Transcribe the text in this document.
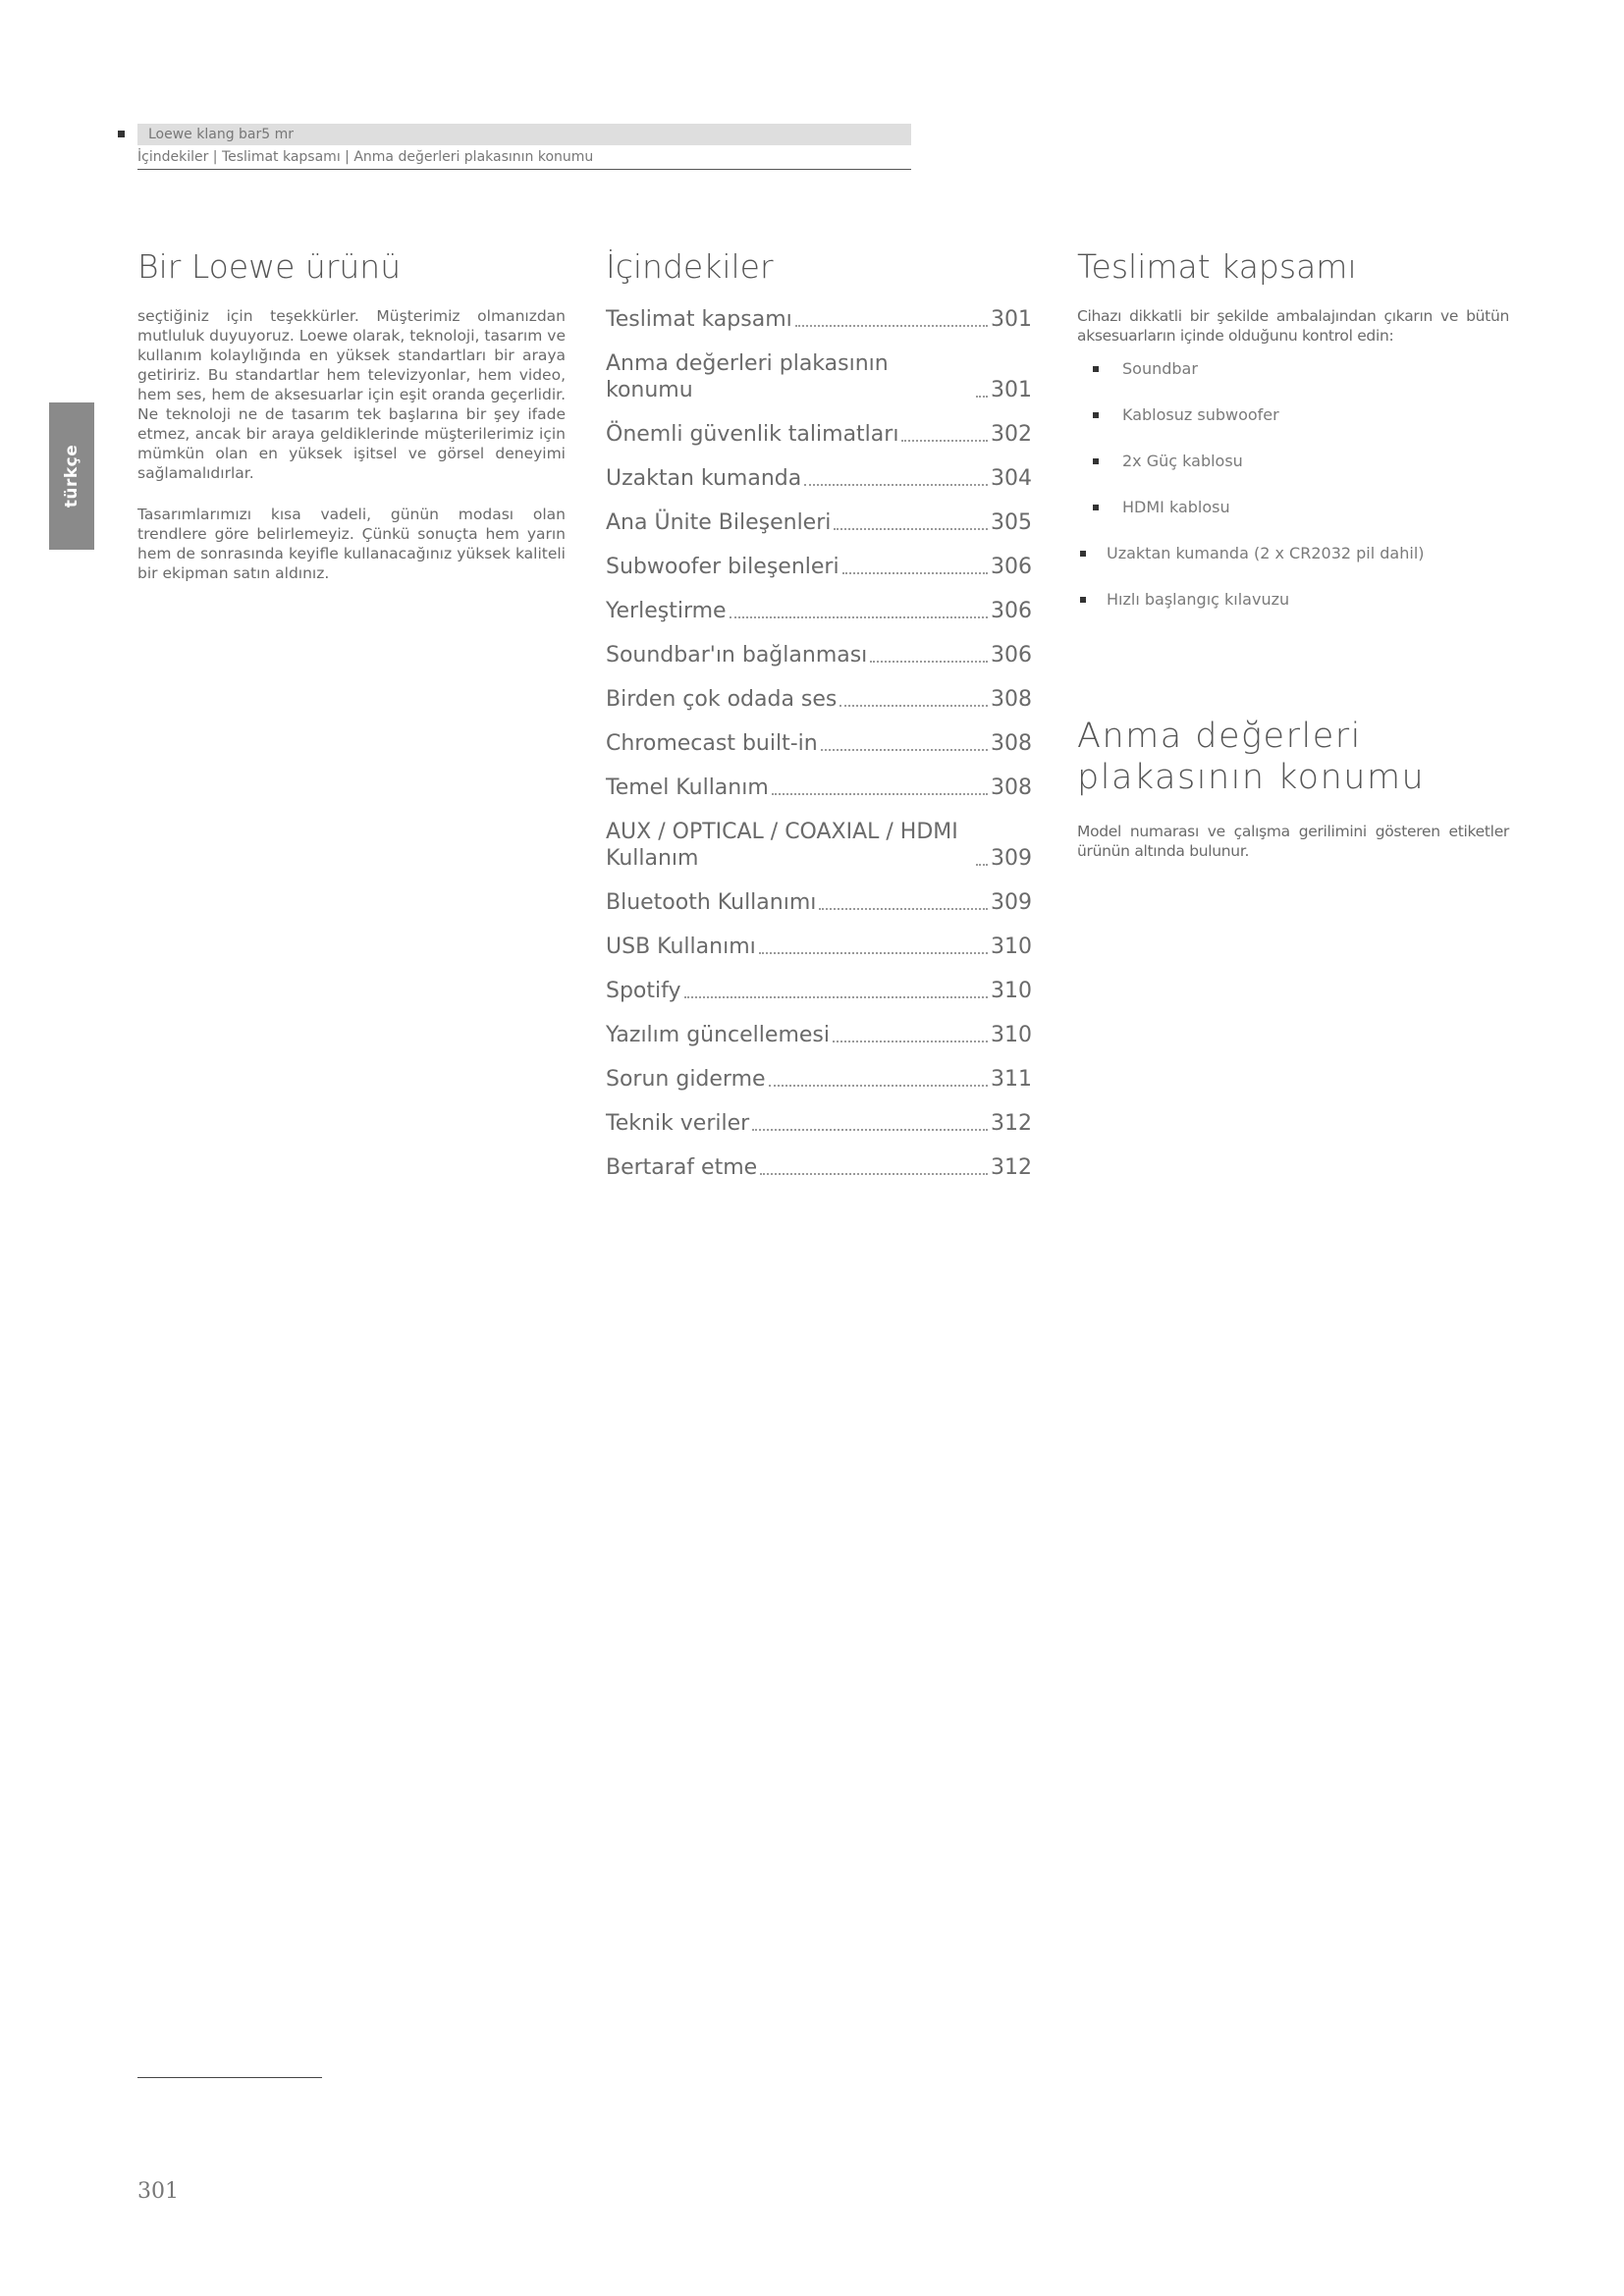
Loewe klang bar5 mr
İçindekiler | Teslimat kapsamı | Anma değerleri plakasının konumu
türkçe
Bir Loewe ürünü

seçtiğiniz için teşekkürler. Müşterimiz olmanızdan mutluluk duyuyoruz. Loewe olarak, teknoloji, tasarım ve kullanım kolaylığında en yüksek standartları bir araya getiririz. Bu standartlar hem televizyonlar, hem video, hem ses, hem de aksesuarlar için eşit oranda geçerlidir. Ne teknoloji ne de tasarım tek başlarına bir şey ifade etmez, ancak bir araya geldiklerinde müşterilerimiz için mümkün olan en yüksek işitsel ve görsel deneyimi sağlamalıdırlar.

Tasarımlarımızı kısa vadeli, günün modası olan trendlere göre belirlemeyiz. Çünkü sonuçta hem yarın hem de sonrasında keyifle kullanacağınız yüksek kaliteli bir ekipman satın aldınız.

İçindekiler
Teslimat kapsamı	301
Anma değerleri plakasının konumu	301
Önemli güvenlik talimatları	302
Uzaktan kumanda	304
Ana Ünite Bileşenleri	305
Subwoofer bileşenleri	306
Yerleştirme	306
Soundbar'ın bağlanması	306
Birden çok odada ses	308
Chromecast built-in	308
Temel Kullanım	308
AUX / OPTICAL / COAXIAL / HDMI Kullanım	309
Bluetooth Kullanımı	309
USB Kullanımı	310
Spotify	310
Yazılım güncellemesi	310
Sorun giderme	311
Teknik veriler	312
Bertaraf etme	312
Teslimat kapsamı

Cihazı dikkatli bir şekilde ambalajından çıkarın ve bütün aksesuarların içinde olduğunu kontrol edin:

Soundbar
Kablosuz subwoofer
2x Güç kablosu
HDMI kablosu
Uzaktan kumanda (2 x CR2032 pil dahil)
Hızlı başlangıç kılavuzu
Anma değerleri plakasının konumu

Model numarası ve çalışma gerilimini gösteren etiketler ürünün altında bulunur.

301
